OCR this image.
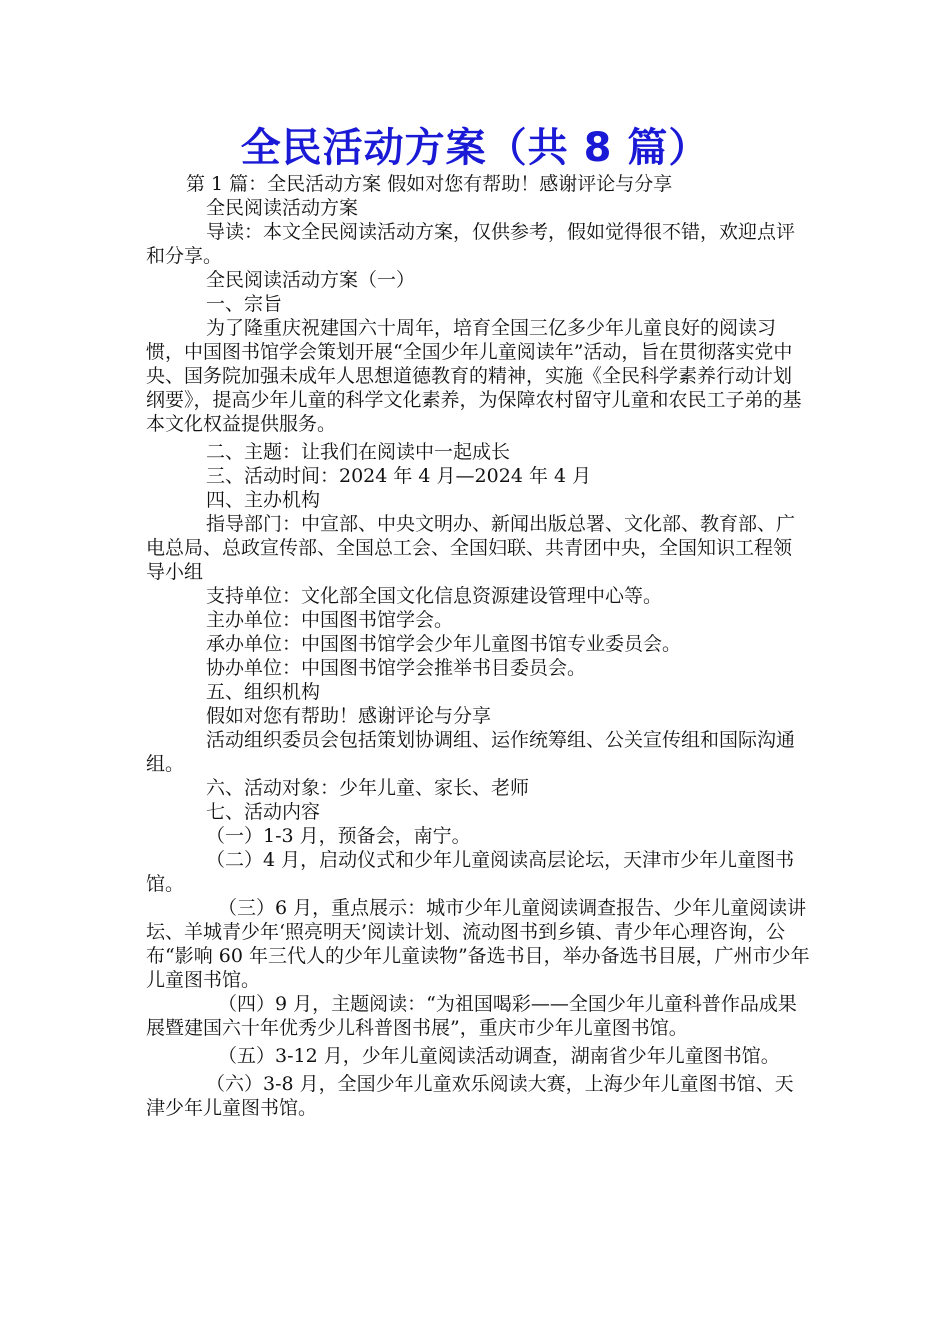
全民活动方案（共 8 篇）

第 1 篇：全民活动方案 假如对您有帮助！感谢评论与分享

全民阅读活动方案

导读：本文全民阅读活动方案，仅供参考，假如觉得很不错，欢迎点评和分享。

全民阅读活动方案（一）

一、宗旨

为了隆重庆祝建国六十周年，培育全国三亿多少年儿童良好的阅读习惯，中国图书馆学会策划开展“全国少年儿童阅读年”活动，旨在贯彻落实党中央、国务院加强未成年人思想道德教育的精神，实施《全民科学素养行动计划纲要》，提高少年儿童的科学文化素养，为保障农村留守儿童和农民工子弟的基本文化权益提供服务。

二、主题：让我们在阅读中一起成长

三、活动时间：2024 年 4 月—2024 年 4 月

四、主办机构

指导部门：中宣部、中央文明办、新闻出版总署、文化部、教育部、广电总局、总政宣传部、全国总工会、全国妇联、共青团中央，全国知识工程领导小组

支持单位：文化部全国文化信息资源建设管理中心等。

主办单位：中国图书馆学会。

承办单位：中国图书馆学会少年儿童图书馆专业委员会。

协办单位：中国图书馆学会推举书目委员会。

五、组织机构

假如对您有帮助！感谢评论与分享

活动组织委员会包括策划协调组、运作统筹组、公关宣传组和国际沟通组。

六、活动对象：少年儿童、家长、老师

七、活动内容

（一）1-3 月，预备会，南宁。

（二）4 月，启动仪式和少年儿童阅读高层论坛，天津市少年儿童图书馆。

（三）6 月，重点展示：城市少年儿童阅读调查报告、少年儿童阅读讲坛、羊城青少年‘照亮明天’阅读计划、流动图书到乡镇、青少年心理咨询，公布“影响 60 年三代人的少年儿童读物”备选书目，举办备选书目展，广州市少年儿童图书馆。

（四）9 月，主题阅读：“为祖国喝彩——全国少年儿童科普作品成果展暨建国六十年优秀少儿科普图书展”，重庆市少年儿童图书馆。

（五）3-12 月，少年儿童阅读活动调查，湖南省少年儿童图书馆。

（六）3-8 月，全国少年儿童欢乐阅读大赛，上海少年儿童图书馆、天津少年儿童图书馆。
